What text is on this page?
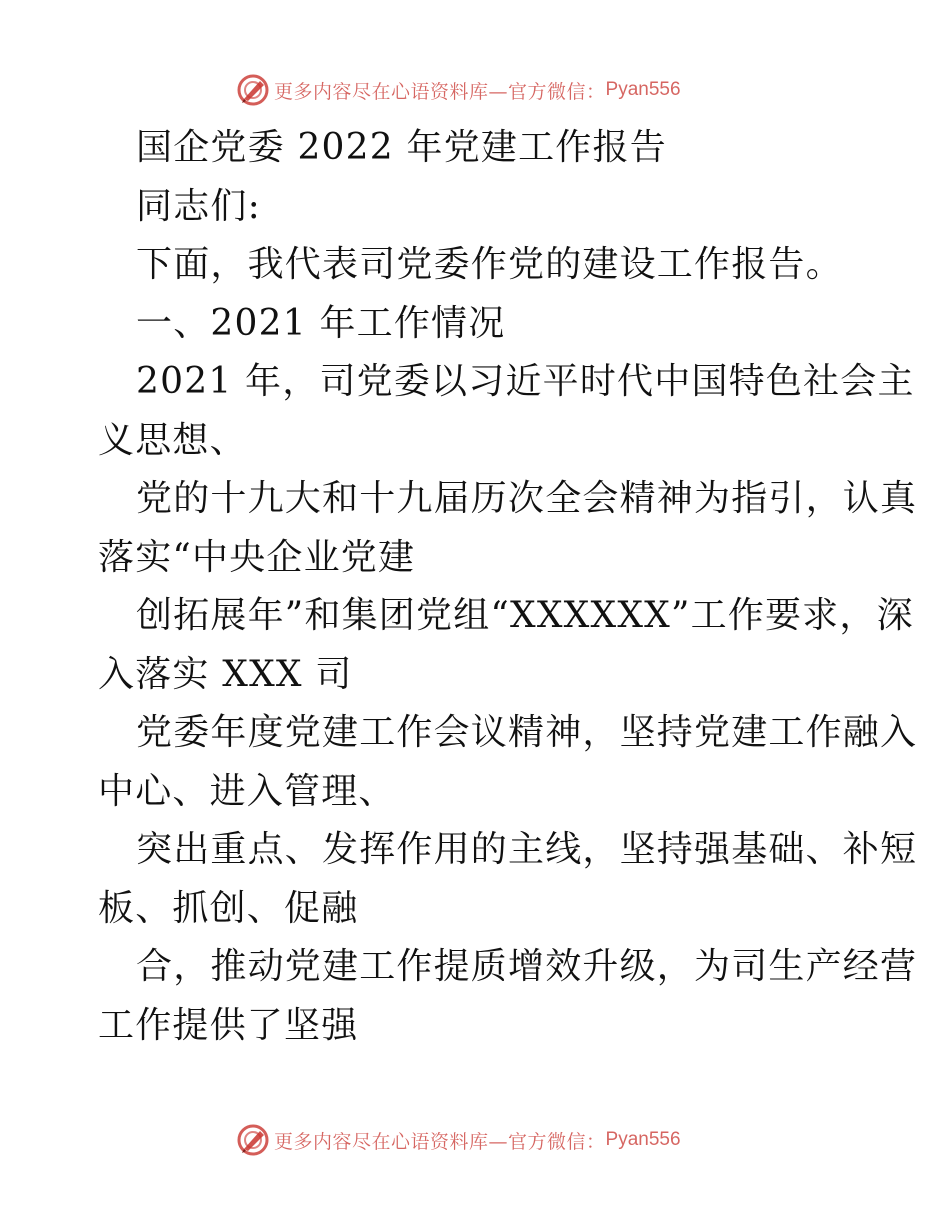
更多内容尽在心语资料库—官方微信： Pyan556
国企党委 2022 年党建工作报告
同志们:
下面，我代表司党委作党的建设工作报告。
一、2021 年工作情况
2021 年，司党委以习近平时代中国特色社会主
义思想、
党的十九大和十九届历次全会精神为指引，认真
落实“中央企业党建
创拓展年”和集团党组“XXXXXX”工作要求，深
入落实 XXX 司
党委年度党建工作会议精神，坚持党建工作融入
中心、进入管理、
突出重点、发挥作用的主线，坚持强基础、补短
板、抓创、促融
合，推动党建工作提质增效升级，为司生产经营
工作提供了坚强
更多内容尽在心语资料库—官方微信： Pyan556
